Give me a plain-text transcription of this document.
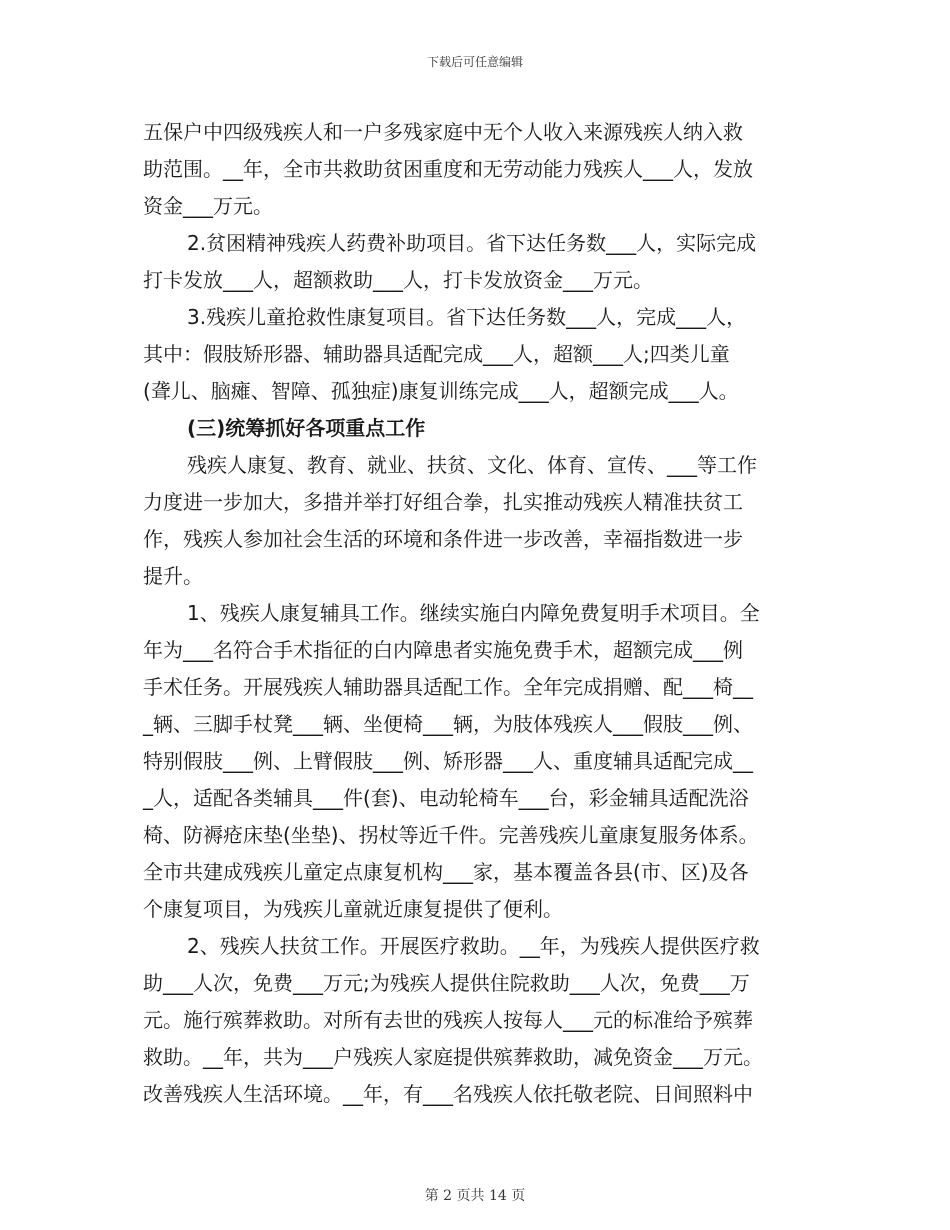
下载后可任意编辑
五保户中四级残疾人和一户多残家庭中无个人收入来源残疾人纳入救
助范围。__年，全市共救助贫困重度和无劳动能力残疾人___人，发放
资金___万元。
2.贫困精神残疾人药费补助项目。省下达任务数___人，实际完成
打卡发放___人，超额救助___人，打卡发放资金___万元。
3.残疾儿童抢救性康复项目。省下达任务数___人，完成___人，
其中：假肢矫形器、辅助器具适配完成___人，超额___人;四类儿童
(聋儿、脑瘫、智障、孤独症)康复训练完成___人，超额完成___人。
(三)统筹抓好各项重点工作
残疾人康复、教育、就业、扶贫、文化、体育、宣传、___等工作
力度进一步加大，多措并举打好组合拳，扎实推动残疾人精准扶贫工
作，残疾人参加社会生活的环境和条件进一步改善，幸福指数进一步
提升。
1、残疾人康复辅具工作。继续实施白内障免费复明手术项目。全
年为___名符合手术指征的白内障患者实施免费手术，超额完成___例
手术任务。开展残疾人辅助器具适配工作。全年完成捐赠、配___椅__
_辆、三脚手杖凳___辆、坐便椅___辆，为肢体残疾人___假肢___例、
特别假肢___例、上臂假肢___例、矫形器___人、重度辅具适配完成__
_人，适配各类辅具___件(套)、电动轮椅车___台，彩金辅具适配洗浴
椅、防褥疮床垫(坐垫)、拐杖等近千件。完善残疾儿童康复服务体系。
全市共建成残疾儿童定点康复机构___家，基本覆盖各县(市、区)及各
个康复项目，为残疾儿童就近康复提供了便利。
2、残疾人扶贫工作。开展医疗救助。__年，为残疾人提供医疗救
助___人次，免费___万元;为残疾人提供住院救助___人次，免费___万
元。施行殡葬救助。对所有去世的残疾人按每人___元的标准给予殡葬
救助。__年，共为___户残疾人家庭提供殡葬救助，减免资金___万元。
改善残疾人生活环境。__年，有___名残疾人依托敬老院、日间照料中
第 2 页共 14 页
